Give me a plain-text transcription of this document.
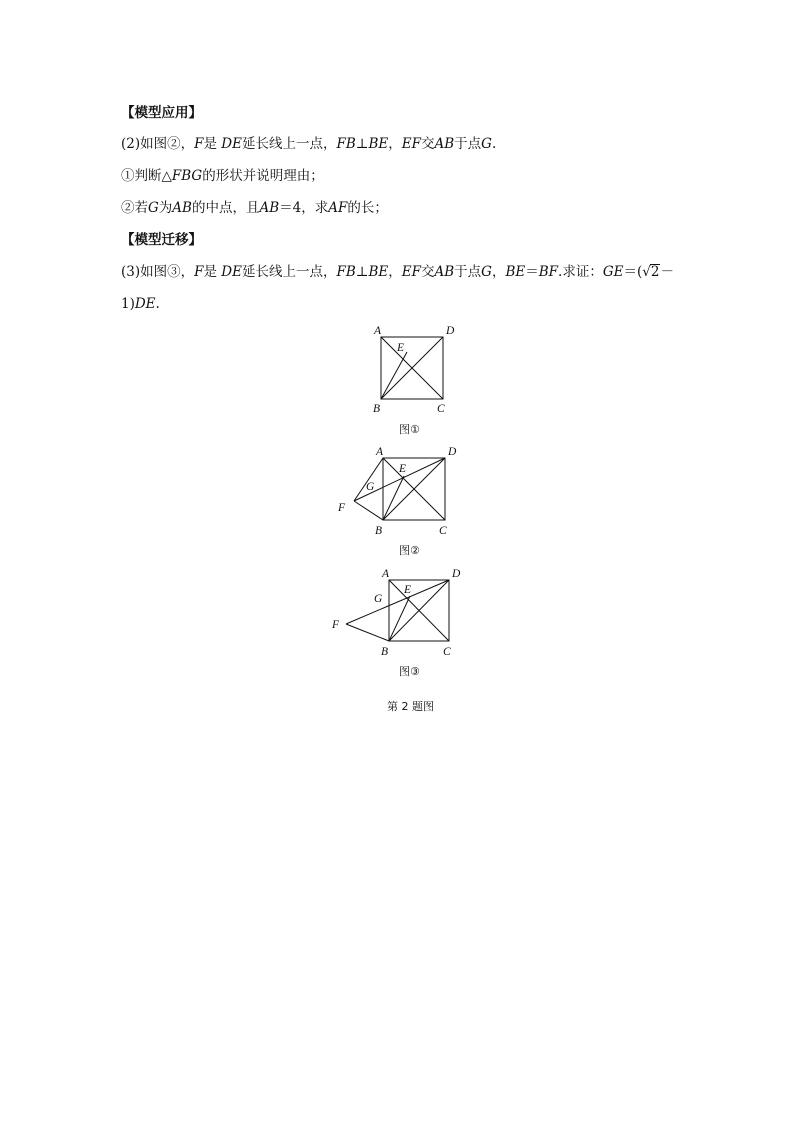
【模型应用】
(2)如图②，F是 DE延长线上一点，FB⊥BE，EF交AB于点G.
①判断△FBG的形状并说明理由；
②若G为AB的中点，且AB＝4，求AF的长；
【模型迁移】
(3)如图③，F是 DE延长线上一点，FB⊥BE，EF交AB于点G，BE＝BF.求证：GE＝(√2－
1)DE.
A	D
E
B	C
图①
A	D
E
G
F
B	C
图②
A	D
E
G
F
B	C
图③
第 2 题图
